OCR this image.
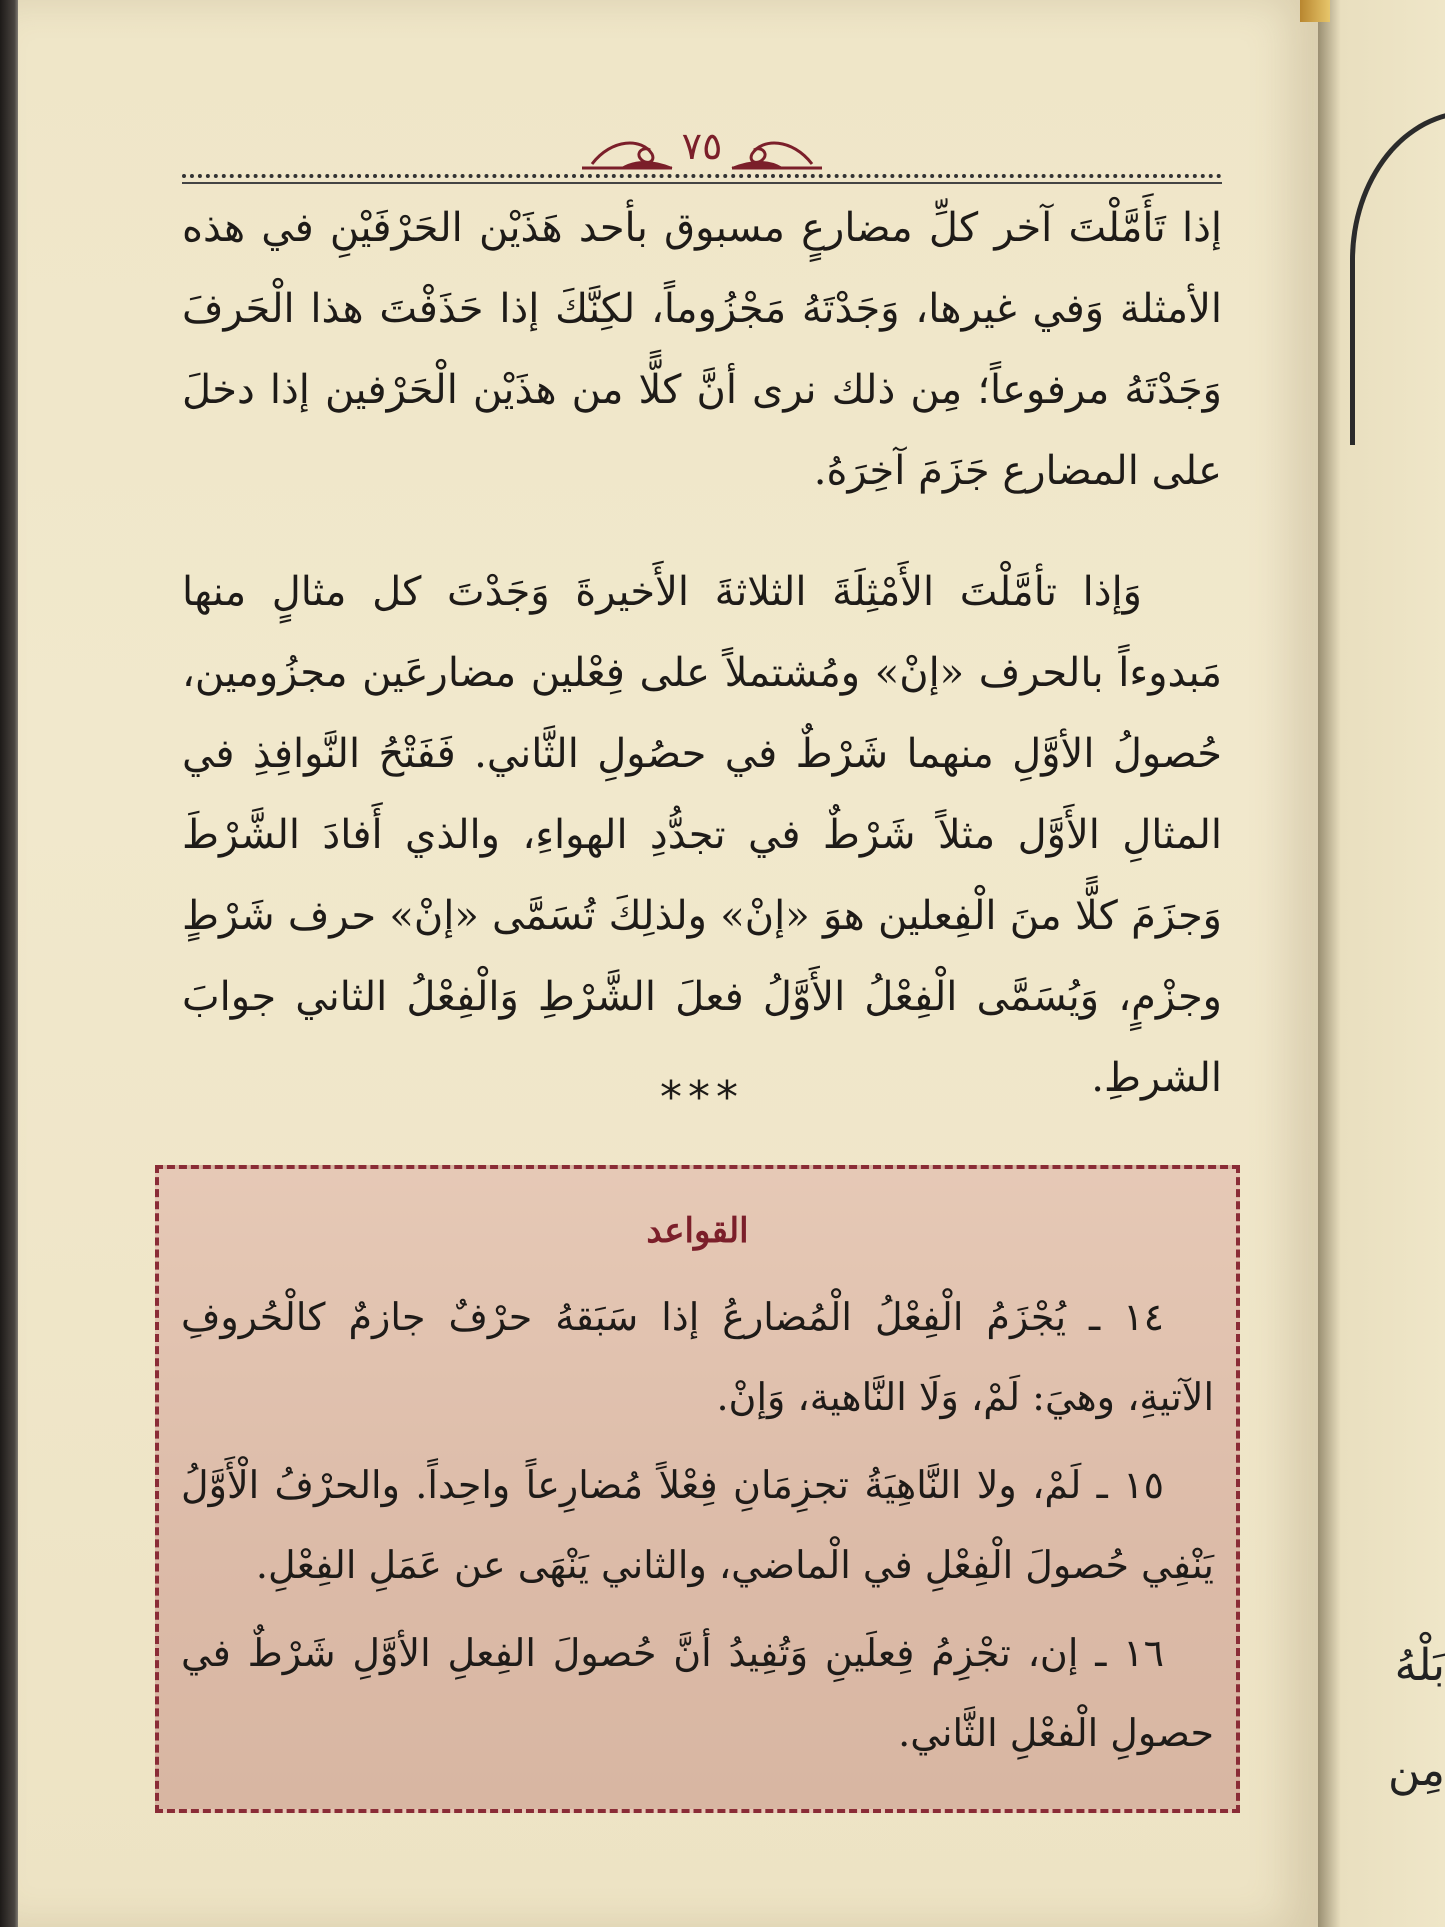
بَلْهُ
مِن
٧٥

إذا تَأَمَّلْتَ آخر كلِّ مضارعٍ مسبوق بأحد هَذَيْن الحَرْفَيْنِ في هذه الأمثلة وَفي غيرها، وَجَدْتَهُ مَجْزُوماً، لكِنَّكَ إذا حَذَفْتَ هذا الْحَرفَ وَجَدْتَهُ مرفوعاً؛ مِن ذلك نرى أنَّ كلًّا من هذَيْن الْحَرْفين إذا دخلَ على المضارع جَزَمَ آخِرَهُ.

وَإذا تأمَّلْتَ الأَمْثِلَةَ الثلاثةَ الأَخيرةَ وَجَدْتَ كل مثالٍ منها مَبدوءاً بالحرف «إنْ» ومُشتملاً على فِعْلين مضارعَين مجزُومين، حُصولُ الأوَّلِ منهما شَرْطٌ في حصُولِ الثَّاني. فَفَتْحُ النَّوافِذِ في المثالِ الأَوَّل مثلاً شَرْطٌ في تجدُّدِ الهواءِ، والذي أَفادَ الشَّرْطَ وَجزَمَ كلًّا منَ الْفِعلين هوَ «إنْ» ولذلِكَ تُسَمَّى «إنْ» حرف شَرْطٍ وجزْمٍ، وَيُسَمَّى الْفِعْلُ الأَوَّلُ فعلَ الشَّرْطِ وَالْفِعْلُ الثاني جوابَ الشرطِ.

***
القواعد

١٤ ـ يُجْزَمُ الْفِعْلُ الْمُضارعُ إذا سَبَقهُ حرْفٌ جازمٌ كالْحُروفِ الآتيةِ، وهيَ: لَمْ، وَلَا النَّاهية، وَإنْ.

١٥ ـ لَمْ، ولا النَّاهِيَةُ تجزِمَانِ فِعْلاً مُضارِعاً واحِداً. والحرْفُ الْأَوَّلُ يَنْفِي حُصولَ الْفِعْلِ في الْماضي، والثاني يَنْهَى عن عَمَلِ الفِعْلِ.

١٦ ـ إن، تجْزِمُ فِعلَينِ وَتُفِيدُ أنَّ حُصولَ الفِعلِ الأوَّلِ شَرْطٌ في حصولِ الْفعْلِ الثَّاني.
